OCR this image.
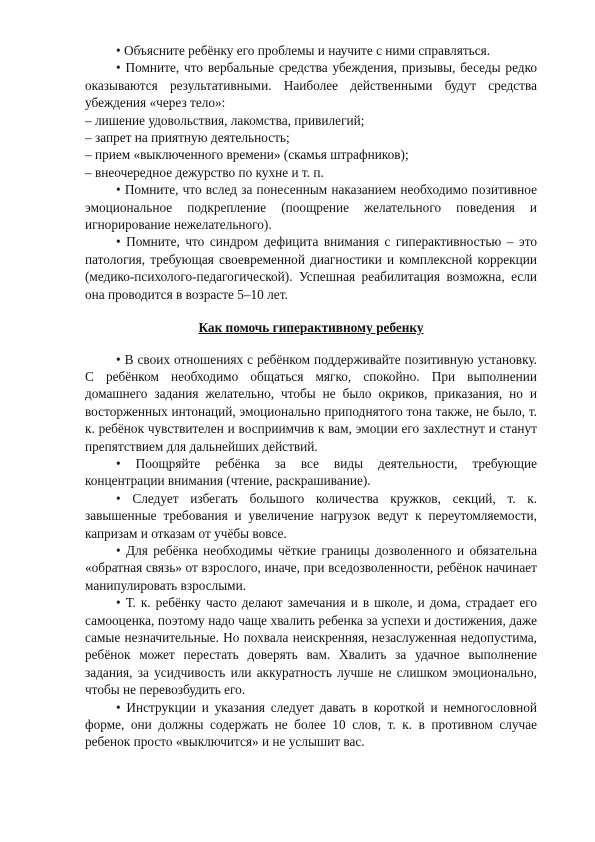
• Объясните ребёнку его проблемы и научите с ними справляться.

• Помните, что вербальные средства убеждения, призывы, беседы редко оказываются результативными. Наиболее действенными будут средства убеждения «через тело»:

– лишение удовольствия, лакомства, привилегий;

– запрет на приятную деятельность;

– прием «выключенного времени» (скамья штрафников);

– внеочередное дежурство по кухне и т. п.

• Помните, что вслед за понесенным наказанием необходимо позитивное эмоциональное подкрепление (поощрение желательного поведения и игнорирование нежелательного).

• Помните, что синдром дефицита внимания с гиперактивностью – это патология, требующая своевременной диагностики и комплексной коррекции (медико-психолого-педагогической). Успешная реабилитация возможна, если она проводится в возрасте 5–10 лет.

Как помочь гиперактивному ребенку

• В своих отношениях с ребёнком поддерживайте позитивную установку. С ребёнком необходимо общаться мягко, спокойно. При выполнении домашнего задания желательно, чтобы не было окриков, приказания, но и восторженных интонаций, эмоционально приподнятого тона также, не было, т. к. ребёнок чувствителен и восприимчив к вам, эмоции его захлестнут и станут препятствием для дальнейших действий.

• Поощряйте ребёнка за все виды деятельности, требующие концентрации внимания (чтение, раскрашивание).

• Следует избегать большого количества кружков, секций, т. к. завышенные требования и увеличение нагрузок ведут к переутомляемости, капризам и отказам от учёбы вовсе.

• Для ребёнка необходимы чёткие границы дозволенного и обязательна «обратная связь» от взрослого, иначе, при вседозволенности, ребёнок начинает манипулировать взрослыми.

• Т. к. ребёнку часто делают замечания и в школе, и дома, страдает его самооценка, поэтому надо чаще хвалить ребенка за успехи и достижения, даже самые незначительные. Но похвала неискренняя, незаслуженная недопустима, ребёнок может перестать доверять вам. Хвалить за удачное выполнение задания, за усидчивость или аккуратность лучше не слишком эмоционально, чтобы не перевозбудить его.

• Инструкции и указания следует давать в короткой и немногословной форме, они должны содержать не более 10 слов, т. к. в противном случае ребенок просто «выключится» и не услышит вас.
